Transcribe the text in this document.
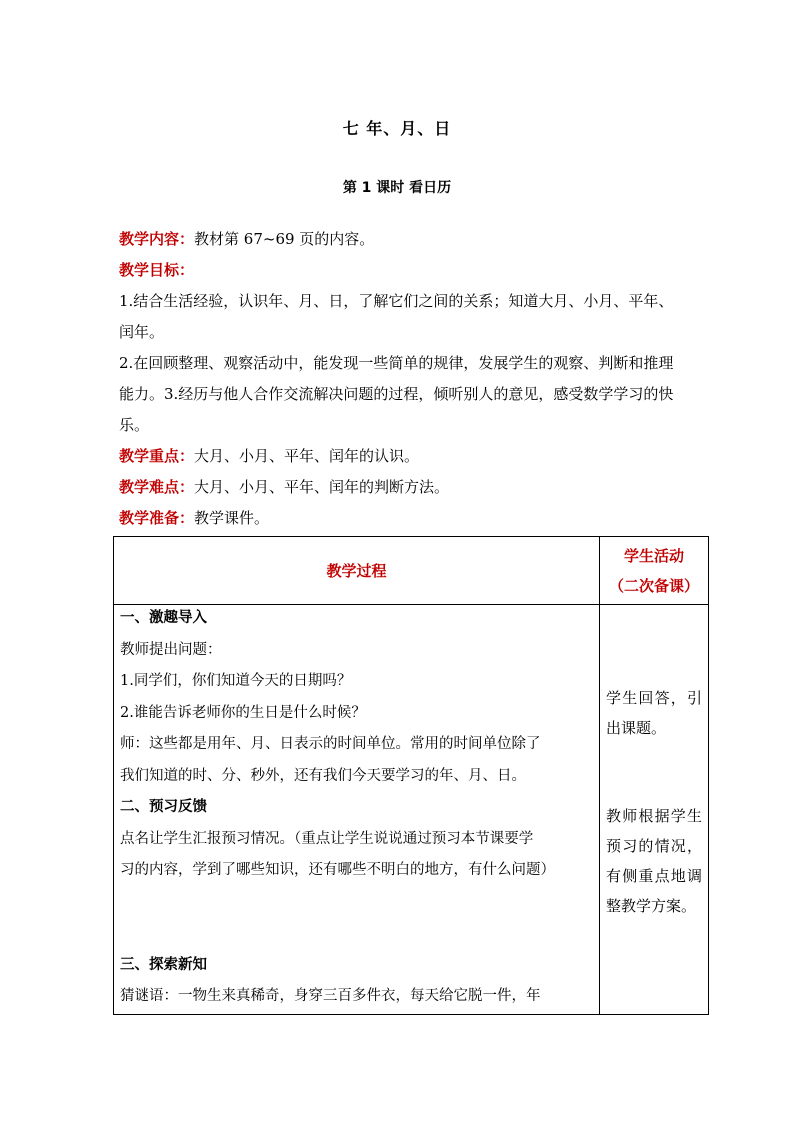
七 年、月、日
第 1 课时 看日历

教学内容：教材第 67~69 页的内容。

教学目标：

1.结合生活经验，认识年、月、日，了解它们之间的关系；知道大月、小月、平年、闰年。

2.在回顾整理、观察活动中，能发现一些简单的规律，发展学生的观察、判断和推理能力。3.经历与他人合作交流解决问题的过程，倾听别人的意见，感受数学学习的快乐。

教学重点：大月、小月、平年、闰年的认识。

教学难点：大月、小月、平年、闰年的判断方法。

教学准备：教学课件。

教学过程
学生活动
（二次备课）

一、激趣导入

教师提出问题：

1.同学们，你们知道今天的日期吗？

2.谁能告诉老师你的生日是什么时候？

师：这些都是用年、月、日表示的时间单位。常用的时间单位除了

我们知道的时、分、秒外，还有我们今天要学习的年、月、日。

二、预习反馈

点名让学生汇报预习情况。（重点让学生说说通过预习本节课要学

习的内容，学到了哪些知识，还有哪些不明白的地方，有什么问题）

三、探索新知

猜谜语：一物生来真稀奇，身穿三百多件衣，每天给它脱一件，年

学生回答，引出课题。
教师根据学生预习的情况，有侧重点地调整教学方案。
